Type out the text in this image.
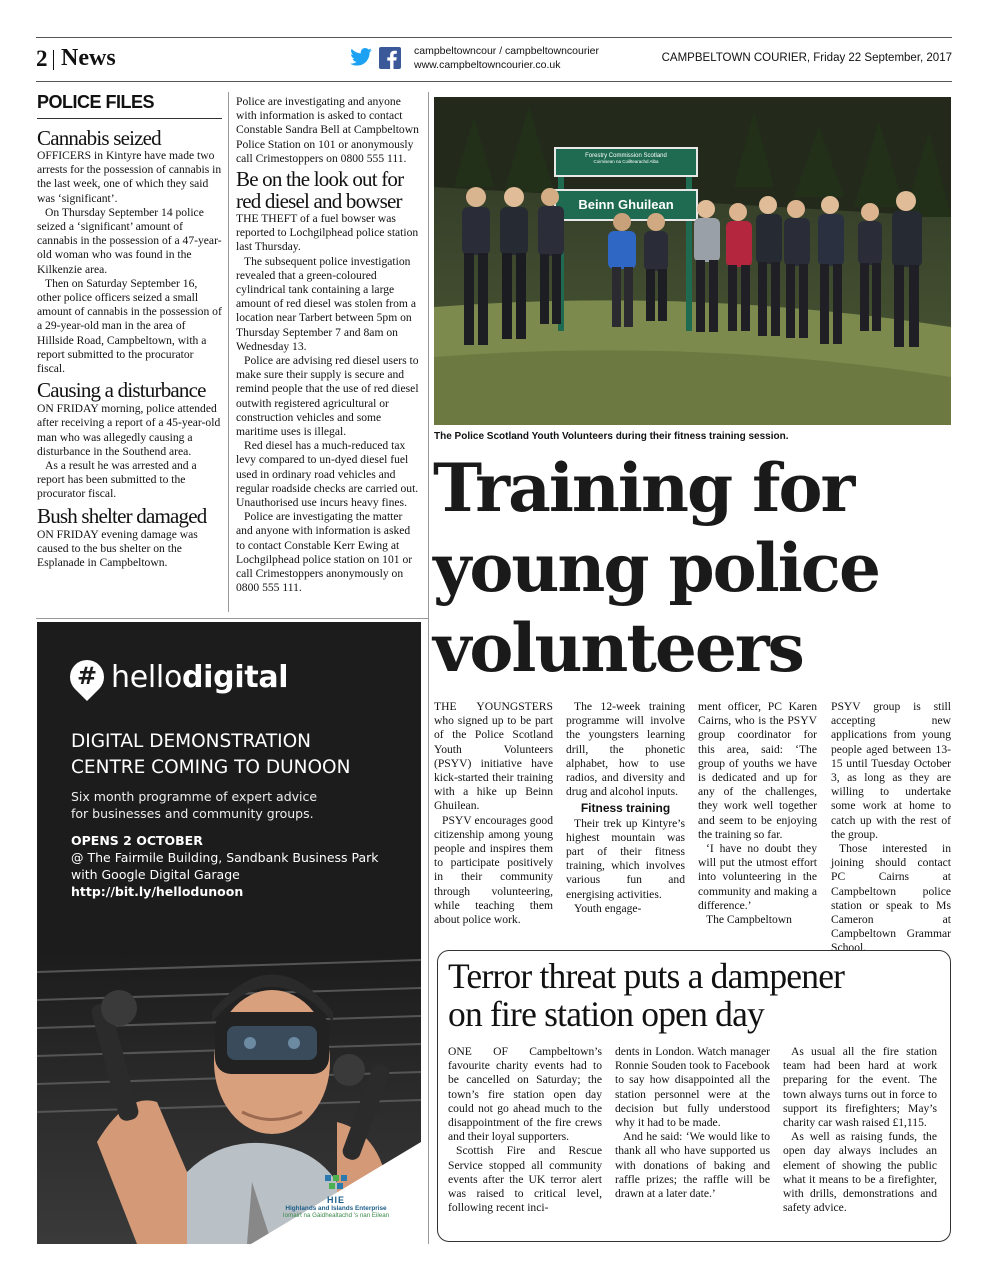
2 News	campbeltowncour / campbeltowncourier
www.campbeltowncourier.co.uk
CAMPBELTOWN COURIER, Friday 22 September, 2017
POLICE FILES
Cannabis seized

OFFICERS in Kintyre have made two arrests for the possession of cannabis in the last week, one of which they said was ‘significant’.

On Thursday September 14 police seized a ‘significant’ amount of cannabis in the possession of a 47-year-old woman who was found in the Kilkenzie area.

Then on Saturday September 16, other police officers seized a small amount of cannabis in the possession of a 29-year-old man in the area of Hillside Road, Campbeltown, with a report submitted to the procurator fiscal.

Causing a disturbance

ON FRIDAY morning, police attended after receiving a report of a 45-year-old man who was allegedly causing a disturbance in the Southend area.

As a result he was arrested and a report has been submitted to the procurator fiscal.

Bush shelter damaged

ON FRIDAY evening damage was caused to the bus shelter on the Esplanade in Campbeltown.

Police are investigating and anyone with information is asked to contact Constable Sandra Bell at Campbeltown Police Station on 101 or anonymously call Crimestoppers on 0800 555 111.

Be on the look out for red diesel and bowser

THE THEFT of a fuel bowser was reported to Lochgilphead police station last Thursday.

The subsequent police investigation revealed that a green-coloured cylindrical tank containing a large amount of red diesel was stolen from a location near Tarbert between 5pm on Thursday September 7 and 8am on Wednesday 13.

Police are advising red diesel users to make sure their supply is secure and remind people that the use of red diesel outwith registered agricultural or construction vehicles and some maritime uses is illegal.

Red diesel has a much-reduced tax levy compared to un-dyed diesel fuel used in ordinary road vehicles and regular roadside checks are carried out. Unauthorised use incurs heavy fines.

Police are investigating the matter and anyone with information is asked to contact Constable Kerr Ewing at Lochgilphead police station on 101 or call Crimestoppers anonymously on 0800 555 111.

# hellodigital
DIGITAL DEMONSTRATION
CENTRE COMING TO DUNOON
Six month programme of expert advice
for businesses and community groups.
OPENS 2 OCTOBER
@ The Fairmile Building, Sandbank Business Park
with Google Digital Garage
http://bit.ly/hellodunoon
HIE
Highlands and Islands Enterprise
Iomairt na Gàidhealtachd ’s nan Eilean
Forestry Commission Scotland
Coimisean na Coilltearachd Alba
Beinn Ghuilean
The Police Scotland Youth Volunteers during their fitness training session.
Training for
young police
volunteers

THE YOUNGSTERS who signed up to be part of the Police Scotland Youth Volunteers (PSYV) initiative have kick-started their training with a hike up Beinn Ghuilean.

PSYV encourages good citizenship among young people and inspires them to participate positively in their community through volunteering, while teaching them about police work.

The 12-week training programme will involve the youngsters learning drill, the phonetic alphabet, how to use radios, and diversity and drug and alcohol inputs.

Fitness training

Their trek up Kintyre’s highest mountain was part of their fitness training, which involves various fun and energising activities.

Youth engage-

ment officer, PC Karen Cairns, who is the PSYV group coordinator for this area, said: ‘The group of youths we have is dedicated and up for any of the challenges, they work well together and seem to be enjoying the training so far.

‘I have no doubt they will put the utmost effort into volunteering in the community and making a difference.’

The Campbeltown

PSYV group is still accepting new applications from young people aged between 13-15 until Tuesday October 3, as long as they are willing to undertake some work at home to catch up with the rest of the group.

Those interested in joining should contact PC Cairns at Campbeltown police station or speak to Ms Cameron at Campbeltown Grammar School.

Terror threat puts a dampener
on fire station open day

ONE OF Campbeltown’s favourite charity events had to be cancelled on Saturday; the town’s fire station open day could not go ahead much to the disappointment of the fire crews and their loyal supporters.

Scottish Fire and Rescue Service stopped all community events after the UK terror alert was raised to critical level, following recent inci-

dents in London. Watch manager Ronnie Souden took to Facebook to say how disappointed all the station personnel were at the decision but fully understood why it had to be made.

And he said: ‘We would like to thank all who have supported us with donations of baking and raffle prizes; the raffle will be drawn at a later date.’

As usual all the fire station team had been hard at work preparing for the event. The town always turns out in force to support its firefighters; May’s charity car wash raised £1,115.

As well as raising funds, the open day always includes an element of showing the public what it means to be a firefighter, with drills, demonstrations and safety advice.
